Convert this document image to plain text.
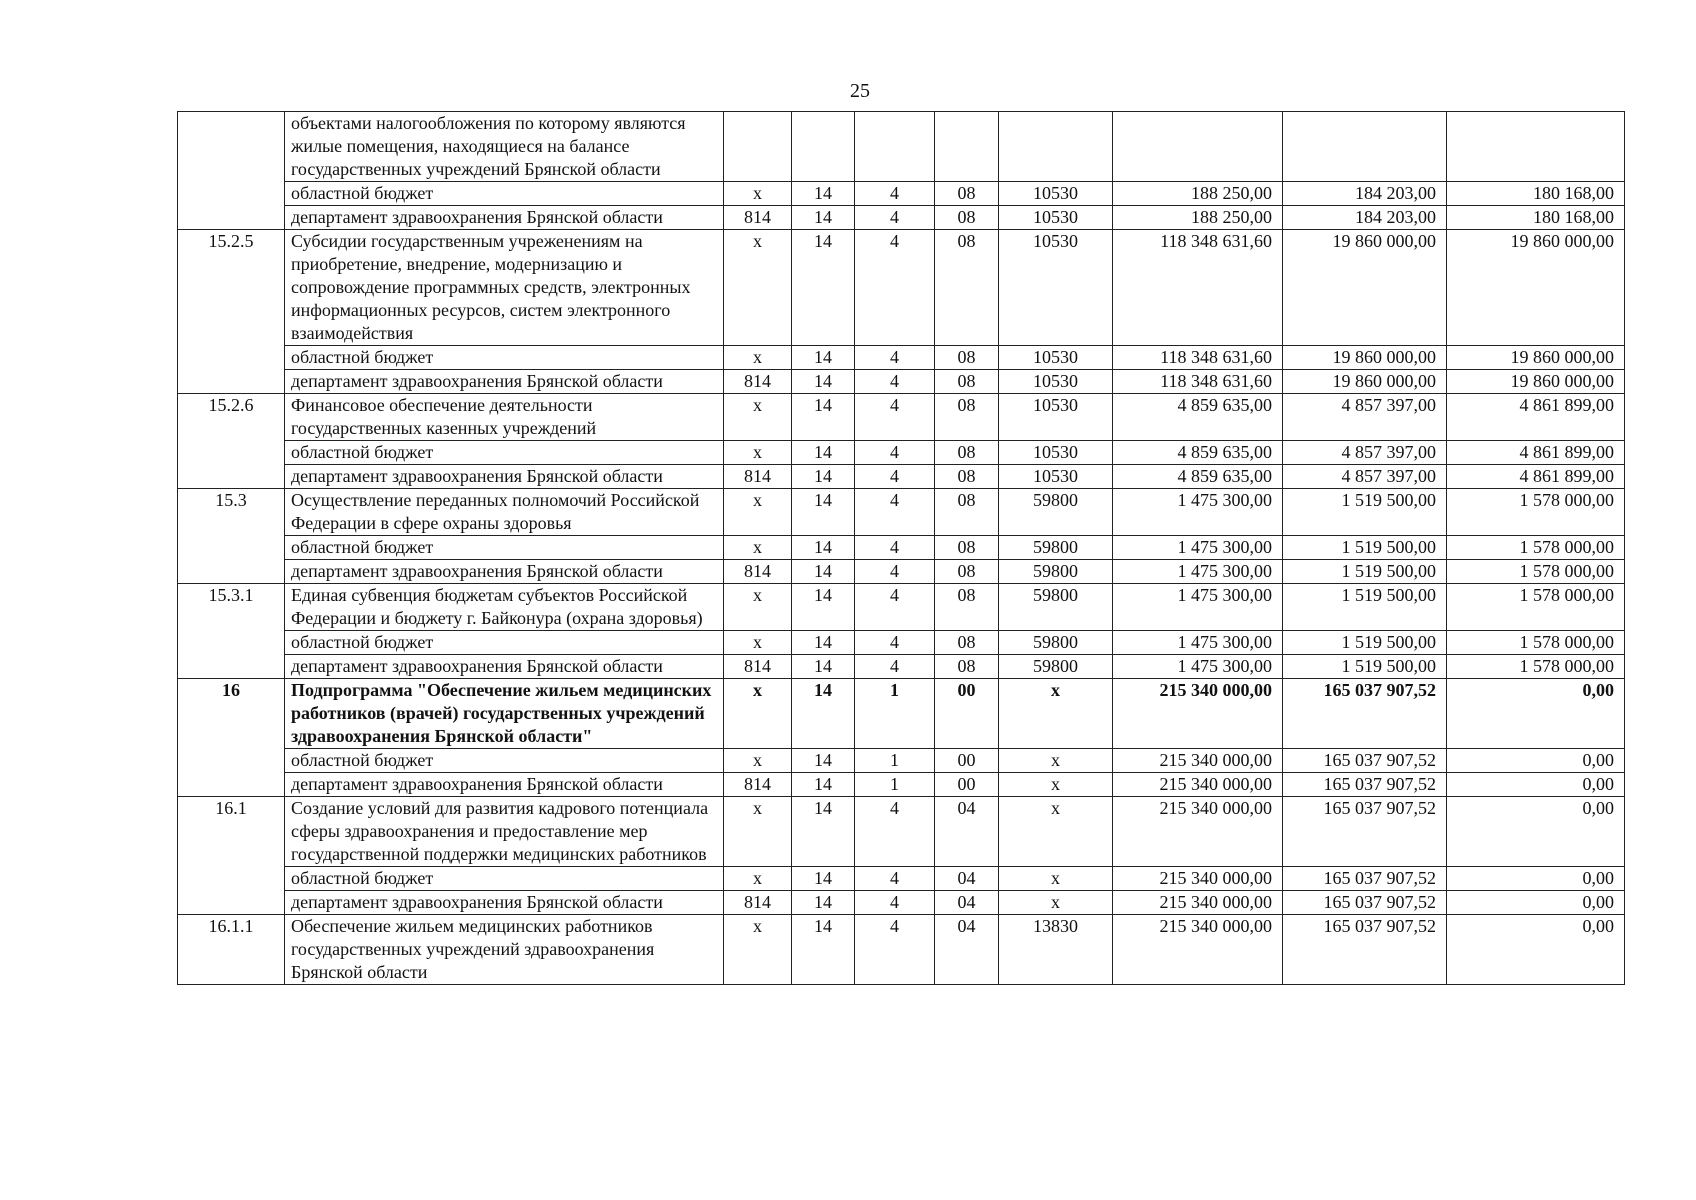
25
	объектами налогообложения по которому являются жилые помещения, находящиеся на балансе государственных учреждений Брянской области								
	областной бюджет	х	14	4	08	10530	188 250,00	184 203,00	180 168,00
	департамент здравоохранения Брянской области	814	14	4	08	10530	188 250,00	184 203,00	180 168,00
15.2.5	Субсидии государственным учреженениям на приобретение, внедрение, модернизацию и сопровождение программных средств, электронных информационных ресурсов, систем электронного взаимодействия	х	14	4	08	10530	118 348 631,60	19 860 000,00	19 860 000,00
	областной бюджет	х	14	4	08	10530	118 348 631,60	19 860 000,00	19 860 000,00
	департамент здравоохранения Брянской области	814	14	4	08	10530	118 348 631,60	19 860 000,00	19 860 000,00
15.2.6	Финансовое обеспечение деятельности государственных казенных учреждений	х	14	4	08	10530	4 859 635,00	4 857 397,00	4 861 899,00
	областной бюджет	х	14	4	08	10530	4 859 635,00	4 857 397,00	4 861 899,00
	департамент здравоохранения Брянской области	814	14	4	08	10530	4 859 635,00	4 857 397,00	4 861 899,00
15.3	Осуществление переданных полномочий Российской Федерации в сфере охраны здоровья	х	14	4	08	59800	1 475 300,00	1 519 500,00	1 578 000,00
	областной бюджет	х	14	4	08	59800	1 475 300,00	1 519 500,00	1 578 000,00
	департамент здравоохранения Брянской области	814	14	4	08	59800	1 475 300,00	1 519 500,00	1 578 000,00
15.3.1	Единая субвенция бюджетам субъектов Российской Федерации и бюджету г. Байконура (охрана здоровья)	х	14	4	08	59800	1 475 300,00	1 519 500,00	1 578 000,00
	областной бюджет	х	14	4	08	59800	1 475 300,00	1 519 500,00	1 578 000,00
	департамент здравоохранения Брянской области	814	14	4	08	59800	1 475 300,00	1 519 500,00	1 578 000,00
16	Подпрограмма "Обеспечение жильем медицинских работников (врачей) государственных учреждений здравоохранения Брянской области"	х	14	1	00	х	215 340 000,00	165 037 907,52	0,00
	областной бюджет	х	14	1	00	х	215 340 000,00	165 037 907,52	0,00
	департамент здравоохранения Брянской области	814	14	1	00	х	215 340 000,00	165 037 907,52	0,00
16.1	Создание условий для развития кадрового потенциала сферы здравоохранения и предоставление мер государственной поддержки медицинских работников	х	14	4	04	х	215 340 000,00	165 037 907,52	0,00
	областной бюджет	х	14	4	04	х	215 340 000,00	165 037 907,52	0,00
	департамент здравоохранения Брянской области	814	14	4	04	х	215 340 000,00	165 037 907,52	0,00
16.1.1	Обеспечение жильем медицинских работников государственных учреждений здравоохранения Брянской области	х	14	4	04	13830	215 340 000,00	165 037 907,52	0,00
